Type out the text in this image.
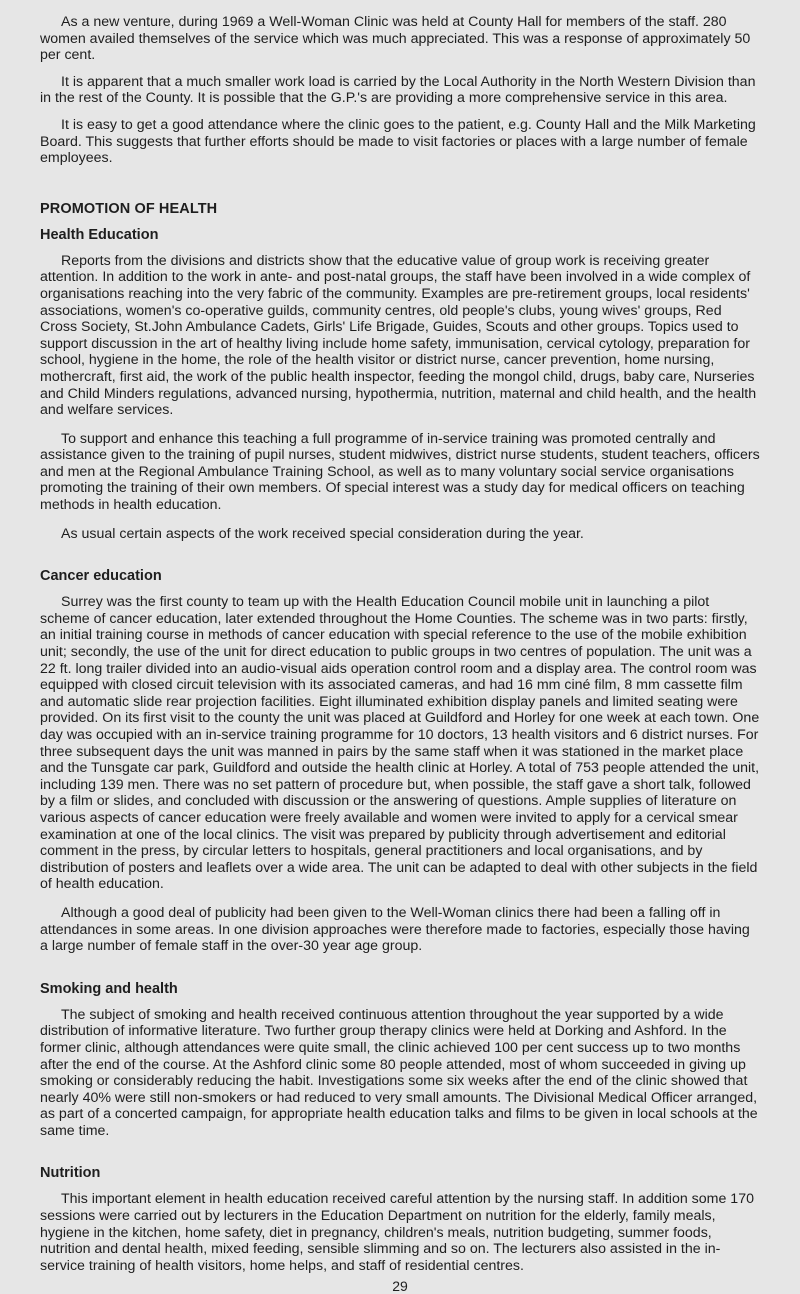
As a new venture, during 1969 a Well-Woman Clinic was held at County Hall for members of the staff. 280 women availed themselves of the service which was much appreciated. This was a response of approximately 50 per cent.

It is apparent that a much smaller work load is carried by the Local Authority in the North Western Division than in the rest of the County. It is possible that the G.P.'s are providing a more comprehensive service in this area.

It is easy to get a good attendance where the clinic goes to the patient, e.g. County Hall and the Milk Marketing Board. This suggests that further efforts should be made to visit factories or places with a large number of female employees.

PROMOTION OF HEALTH
Health Education

Reports from the divisions and districts show that the educative value of group work is receiving greater attention. In addition to the work in ante- and post-natal groups, the staff have been involved in a wide complex of organisations reaching into the very fabric of the community. Examples are pre-retirement groups, local residents' associations, women's co-operative guilds, community centres, old people's clubs, young wives' groups, Red Cross Society, St.John Ambulance Cadets, Girls' Life Brigade, Guides, Scouts and other groups. Topics used to support discussion in the art of healthy living include home safety, immunisation, cervical cytology, preparation for school, hygiene in the home, the role of the health visitor or district nurse, cancer prevention, home nursing, mothercraft, first aid, the work of the public health inspector, feeding the mongol child, drugs, baby care, Nurseries and Child Minders regulations, advanced nursing, hypothermia, nutrition, maternal and child health, and the health and welfare services.

To support and enhance this teaching a full programme of in-service training was promoted centrally and assistance given to the training of pupil nurses, student midwives, district nurse students, student teachers, officers and men at the Regional Ambulance Training School, as well as to many voluntary social service organisations promoting the training of their own members. Of special interest was a study day for medical officers on teaching methods in health education.

As usual certain aspects of the work received special consideration during the year.

Cancer education

Surrey was the first county to team up with the Health Education Council mobile unit in launching a pilot scheme of cancer education, later extended throughout the Home Counties. The scheme was in two parts: firstly, an initial training course in methods of cancer education with special reference to the use of the mobile exhibition unit; secondly, the use of the unit for direct education to public groups in two centres of population. The unit was a 22 ft. long trailer divided into an audio-visual aids operation control room and a display area. The control room was equipped with closed circuit television with its associated cameras, and had 16 mm ciné film, 8 mm cassette film and automatic slide rear projection facilities. Eight illuminated exhibition display panels and limited seating were provided. On its first visit to the county the unit was placed at Guildford and Horley for one week at each town. One day was occupied with an in-service training programme for 10 doctors, 13 health visitors and 6 district nurses. For three subsequent days the unit was manned in pairs by the same staff when it was stationed in the market place and the Tunsgate car park, Guildford and outside the health clinic at Horley. A total of 753 people attended the unit, including 139 men. There was no set pattern of procedure but, when possible, the staff gave a short talk, followed by a film or slides, and concluded with discussion or the answering of questions. Ample supplies of literature on various aspects of cancer education were freely available and women were invited to apply for a cervical smear examination at one of the local clinics. The visit was prepared by publicity through advertisement and editorial comment in the press, by circular letters to hospitals, general practitioners and local organisations, and by distribution of posters and leaflets over a wide area. The unit can be adapted to deal with other subjects in the field of health education.

Although a good deal of publicity had been given to the Well-Woman clinics there had been a falling off in attendances in some areas. In one division approaches were therefore made to factories, especially those having a large number of female staff in the over-30 year age group.

Smoking and health

The subject of smoking and health received continuous attention throughout the year supported by a wide distribution of informative literature. Two further group therapy clinics were held at Dorking and Ashford. In the former clinic, although attendances were quite small, the clinic achieved 100 per cent success up to two months after the end of the course. At the Ashford clinic some 80 people attended, most of whom succeeded in giving up smoking or considerably reducing the habit. Investigations some six weeks after the end of the clinic showed that nearly 40% were still non-smokers or had reduced to very small amounts. The Divisional Medical Officer arranged, as part of a concerted campaign, for appropriate health education talks and films to be given in local schools at the same time.

Nutrition

This important element in health education received careful attention by the nursing staff. In addition some 170 sessions were carried out by lecturers in the Education Department on nutrition for the elderly, family meals, hygiene in the kitchen, home safety, diet in pregnancy, children's meals, nutrition budgeting, summer foods, nutrition and dental health, mixed feeding, sensible slimming and so on. The lecturers also assisted in the in-service training of health visitors, home helps, and staff of residential centres.

29
